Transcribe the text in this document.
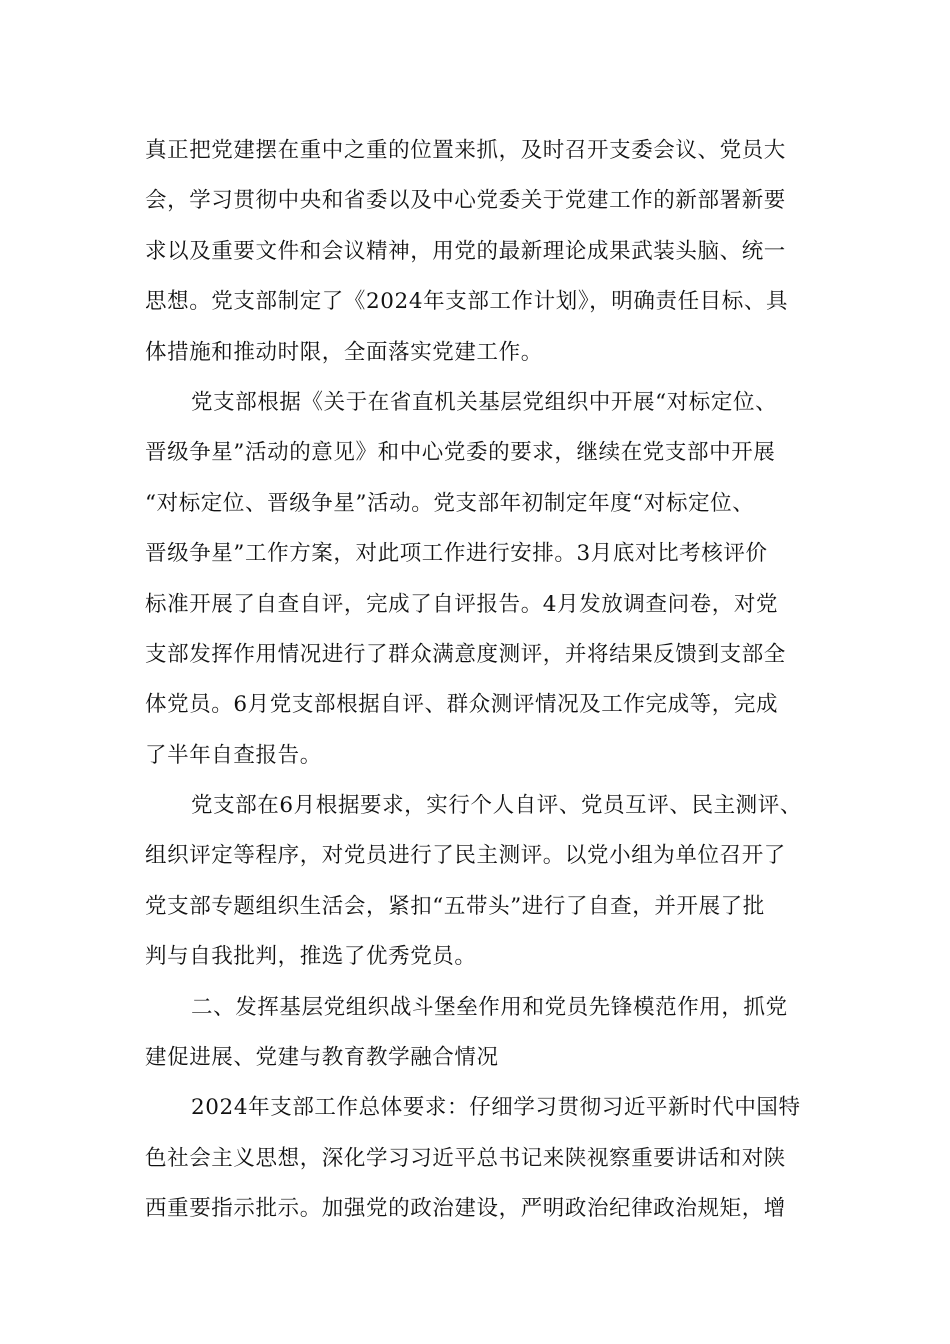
真正把党建摆在重中之重的位置来抓，及时召开支委会议、党员大
会，学习贯彻中央和省委以及中心党委关于党建工作的新部署新要
求以及重要文件和会议精神，用党的最新理论成果武装头脑、统一
思想。党支部制定了《2024年支部工作计划》，明确责任目标、具
体措施和推动时限，全面落实党建工作。
党支部根据《关于在省直机关基层党组织中开展“对标定位、
晋级争星”活动的意见》和中心党委的要求，继续在党支部中开展
“对标定位、晋级争星”活动。党支部年初制定年度“对标定位、
晋级争星”工作方案，对此项工作进行安排。3月底对比考核评价
标准开展了自查自评，完成了自评报告。4月发放调查问卷，对党
支部发挥作用情况进行了群众满意度测评，并将结果反馈到支部全
体党员。6月党支部根据自评、群众测评情况及工作完成等，完成
了半年自查报告。
党支部在6月根据要求，实行个人自评、党员互评、民主测评、
组织评定等程序，对党员进行了民主测评。以党小组为单位召开了
党支部专题组织生活会，紧扣“五带头”进行了自查，并开展了批
判与自我批判，推选了优秀党员。
二、发挥基层党组织战斗堡垒作用和党员先锋模范作用，抓党
建促进展、党建与教育教学融合情况
2024年支部工作总体要求：仔细学习贯彻习近平新时代中国特
色社会主义思想，深化学习习近平总书记来陕视察重要讲话和对陕
西重要指示批示。加强党的政治建设，严明政治纪律政治规矩，增
